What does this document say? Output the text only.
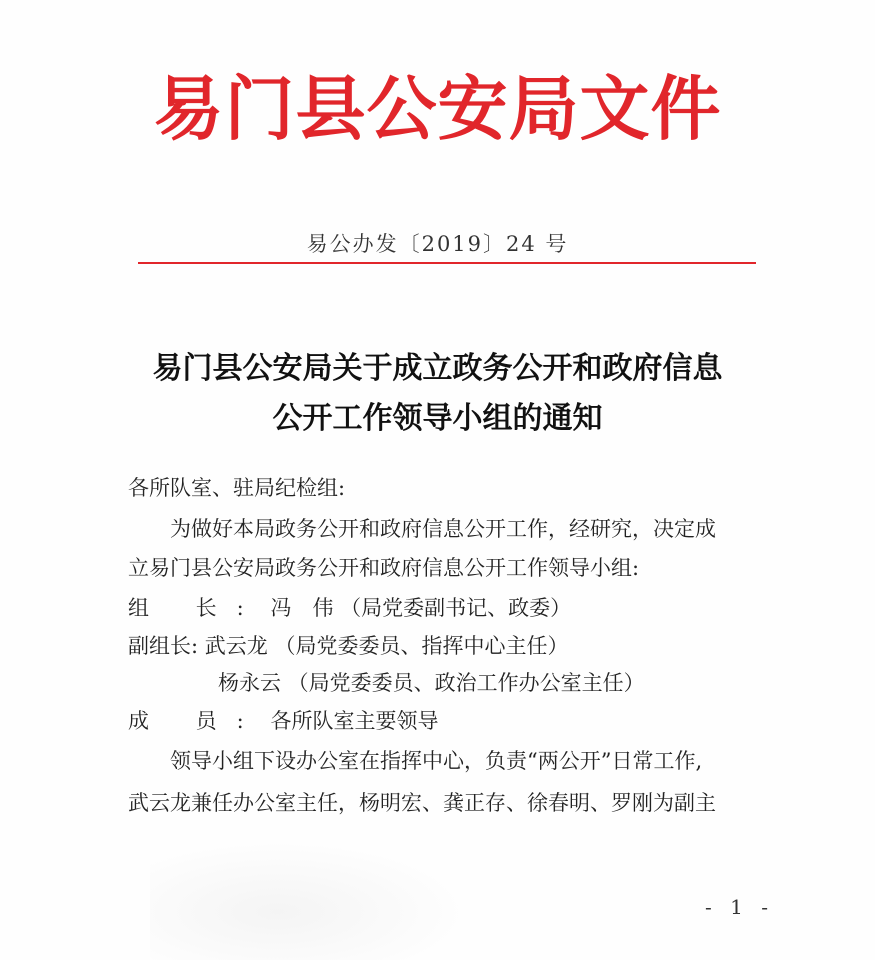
易门县公安局文件
易公办发〔2019〕24 号
易门县公安局关于成立政务公开和政府信息
公开工作领导小组的通知
各所队室、驻局纪检组:
为做好本局政务公开和政府信息公开工作，经研究，决定成
立易门县公安局政务公开和政府信息公开工作领导小组:
组 长: 冯　伟 （局党委副书记、政委）
副组长: 武云龙 （局党委委员、指挥中心主任）
杨永云 （局党委委员、政治工作办公室主任）
成 员: 各所队室主要领导
领导小组下设办公室在指挥中心，负责“两公开”日常工作,
武云龙兼任办公室主任，杨明宏、龚正存、徐春明、罗刚为副主
- 1 -
